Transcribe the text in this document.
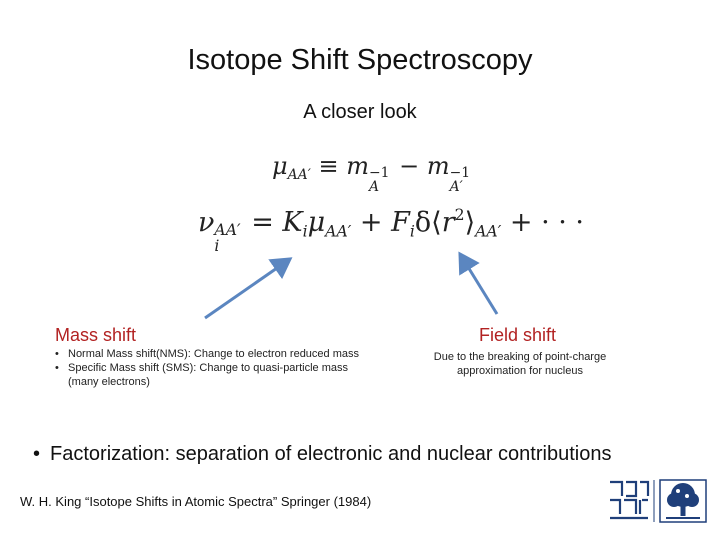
Isotope Shift Spectroscopy
A closer look
$\mu_{AA'} \equiv m -1$
A
− m −1
A′
ν AA′
i
= $K_i\mu_{AA'}$ + $F_i\delta⟨r^2⟩_{AA'}$ + · · ·
Mass shift	Field shift
• Normal Mass shift(NMS): Change to electron reduced mass
• Specific Mass shift (SMS): Change to quasi-particle mass (many electrons)
Due to the breaking of point-charge approximation for nucleus
• Factorization: separation of electronic and nuclear contributions
W. H. King “Isotope Shifts in Atomic Spectra” Springer (1984)
